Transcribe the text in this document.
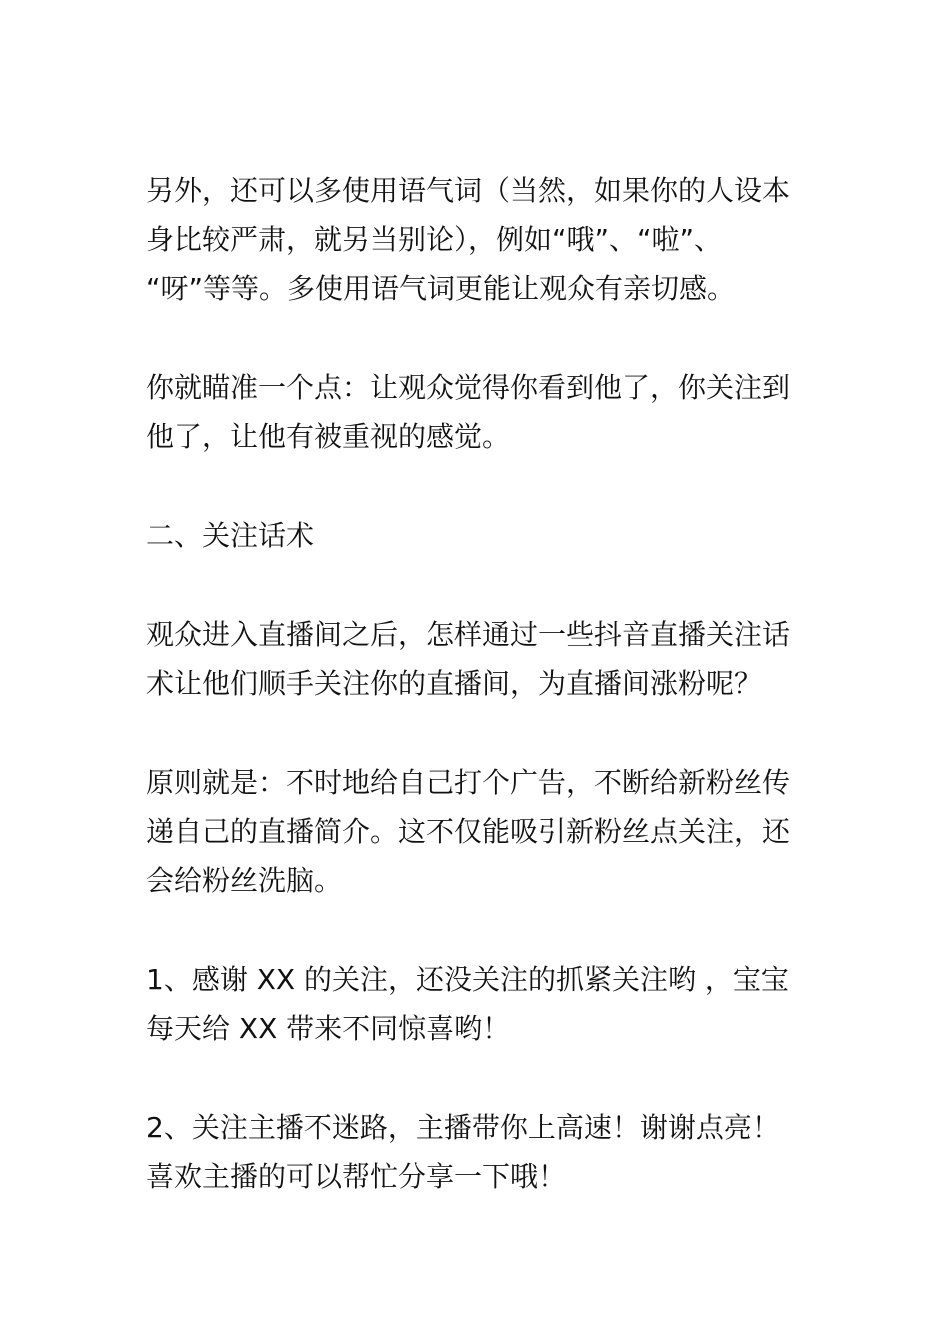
另外，还可以多使用语气词（当然，如果你的人设本
身比较严肃，就另当别论），例如“哦”、“啦”、
“呀”等等。多使用语气词更能让观众有亲切感。

你就瞄准一个点：让观众觉得你看到他了，你关注到
他了，让他有被重视的感觉。

二、关注话术

观众进入直播间之后，怎样通过一些抖音直播关注话
术让他们顺手关注你的直播间，为直播间涨粉呢？

原则就是：不时地给自己打个广告，不断给新粉丝传
递自己的直播简介。这不仅能吸引新粉丝点关注，还
会给粉丝洗脑。

1、感谢 XX 的关注，还没关注的抓紧关注哟 ，宝宝
每天给 XX 带来不同惊喜哟！

2、关注主播不迷路，主播带你上高速！谢谢点亮！
喜欢主播的可以帮忙分享一下哦！
